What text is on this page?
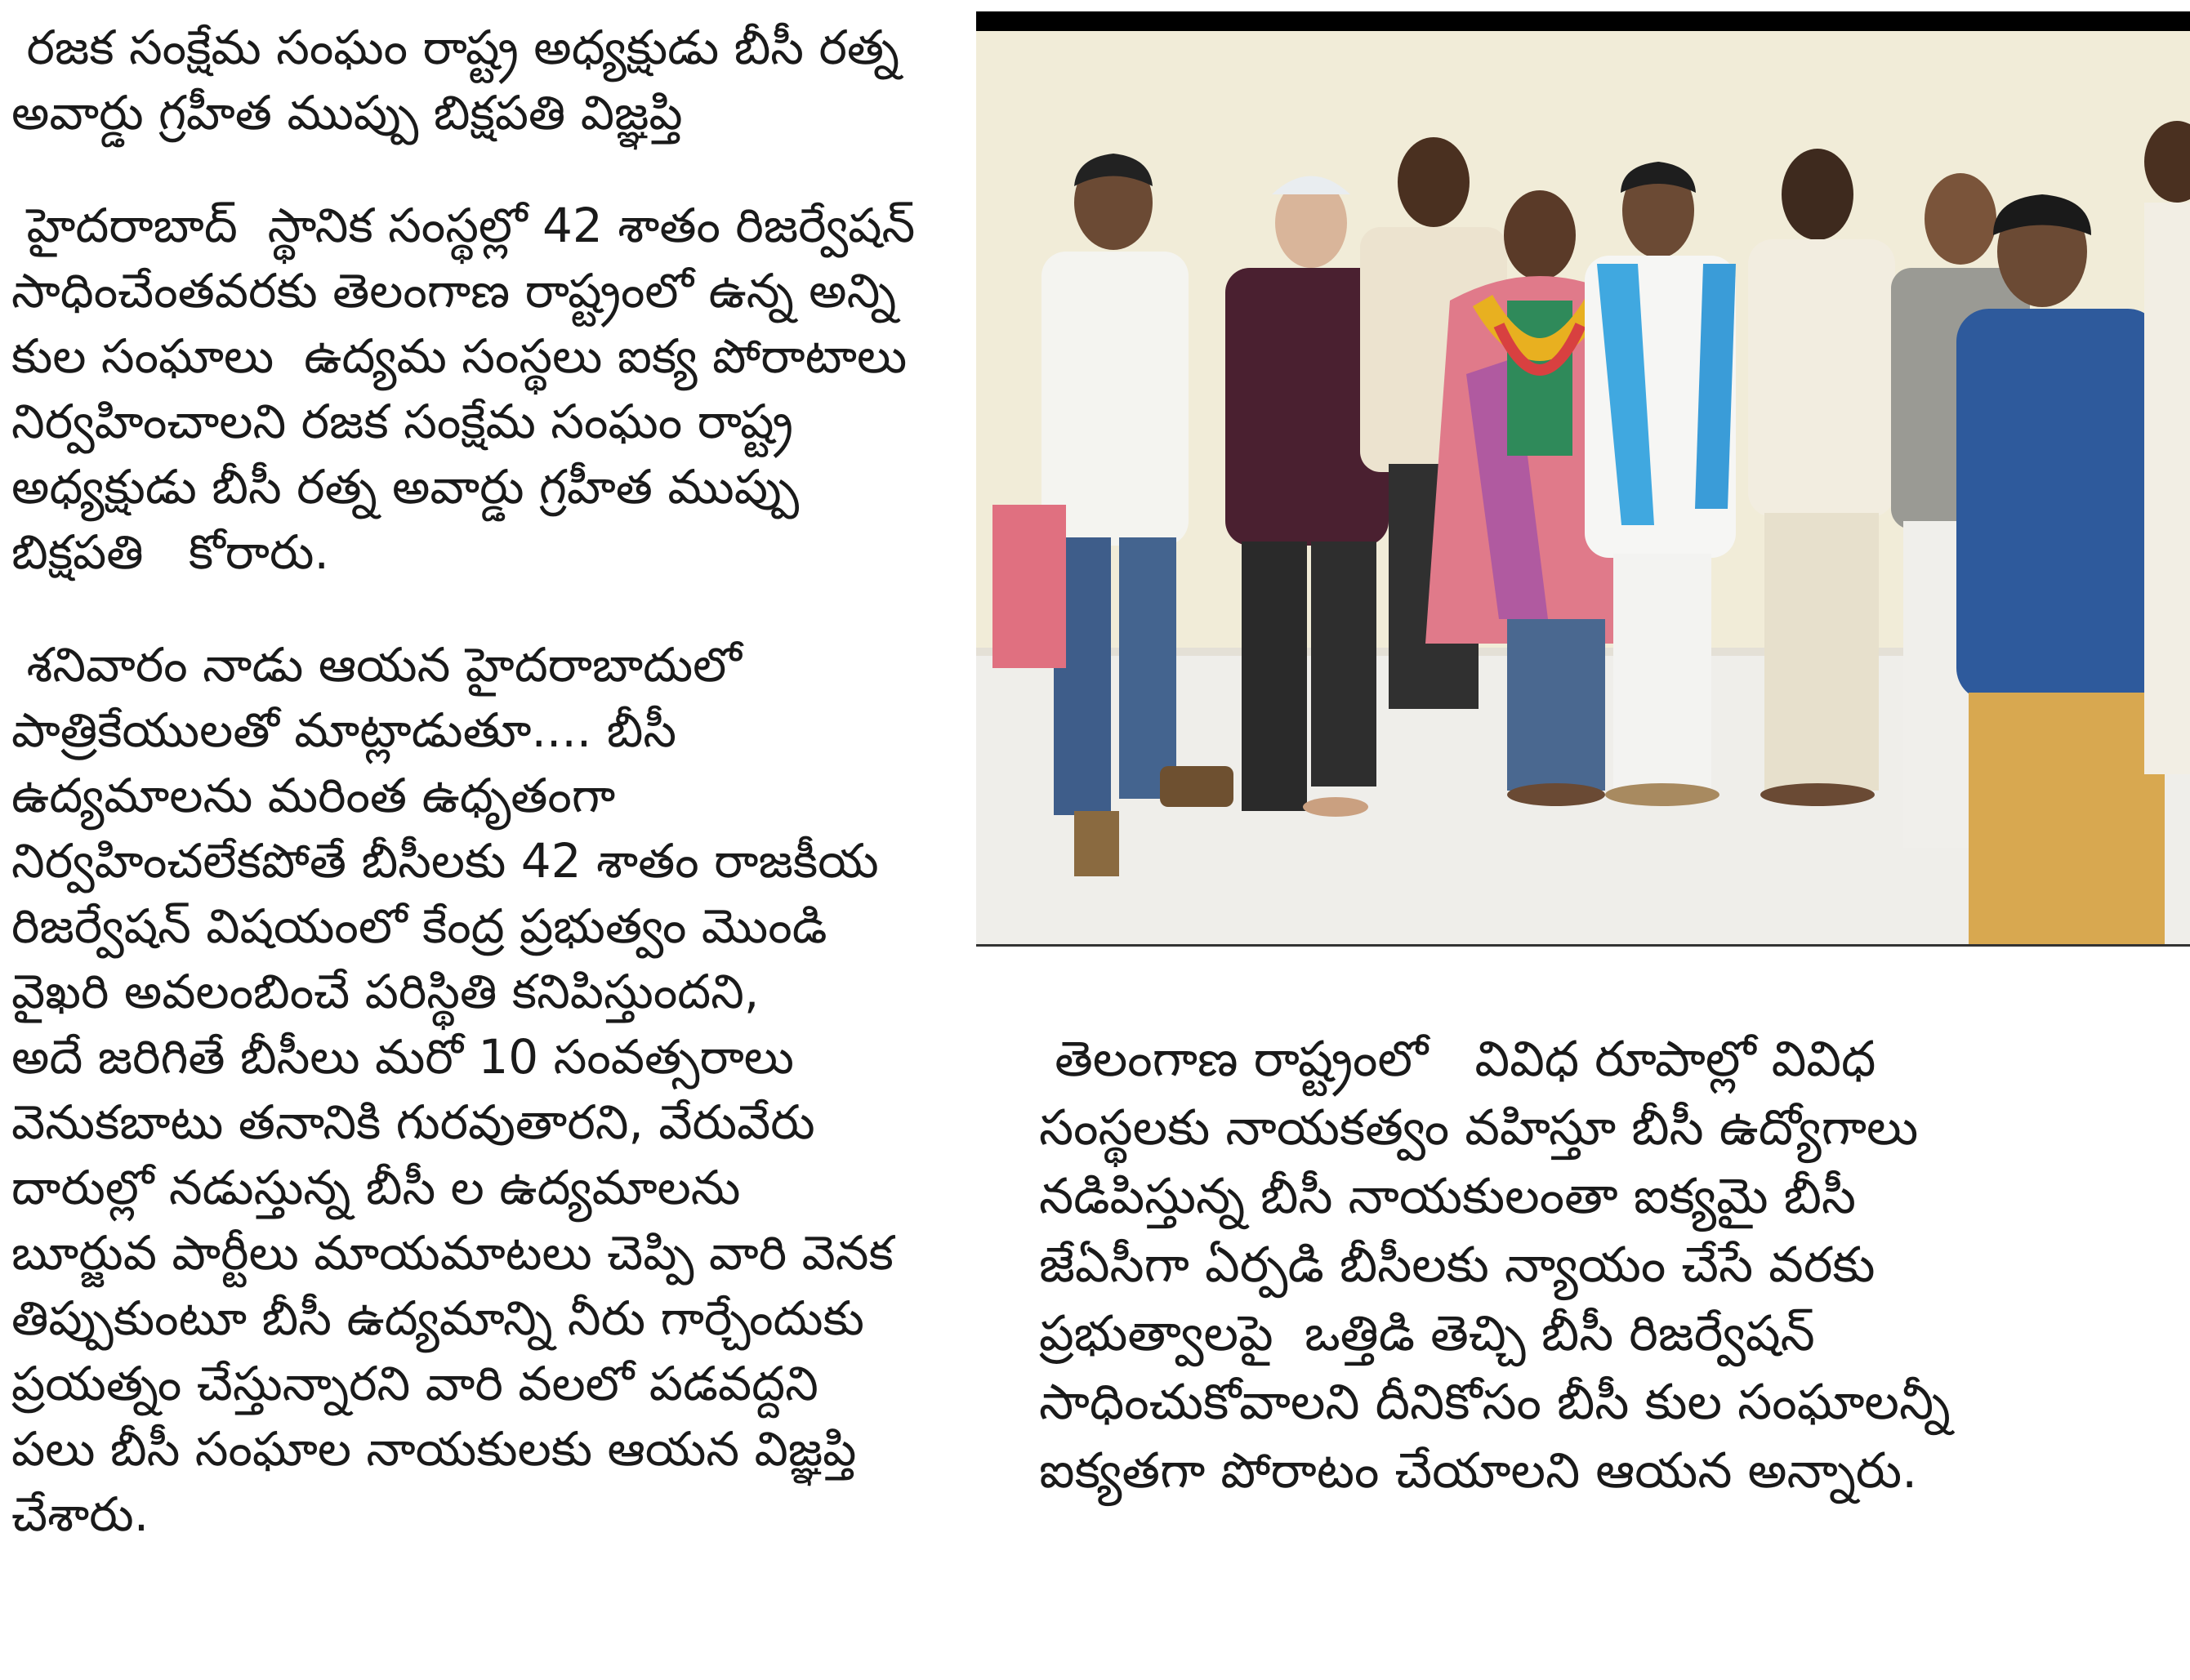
రజక సంక్షేమ సంఘం రాష్ట్ర అధ్యక్షుడు బీసీ రత్న

అవార్డు గ్రహీత ముప్పు బిక్షపతి విజ్ఞప్తి

హైదరాబాద్  స్థానిక సంస్థల్లో 42 శాతం రిజర్వేషన్

సాధించేంతవరకు తెలంగాణ రాష్ట్రంలో ఉన్న అన్ని

కుల సంఘాలు  ఉద్యమ సంస్థలు ఐక్య పోరాటాలు

నిర్వహించాలని రజక సంక్షేమ సంఘం రాష్ట్ర

అధ్యక్షుడు బీసీ రత్న అవార్డు గ్రహీత ముప్పు

బిక్షపతి   కోరారు.

శనివారం నాడు ఆయన హైదరాబాదులో

పాత్రికేయులతో మాట్లాడుతూ.... బీసీ

ఉద్యమాలను మరింత ఉధృతంగా

నిర్వహించలేకపోతే బీసీలకు 42 శాతం రాజకీయ

రిజర్వేషన్ విషయంలో కేంద్ర ప్రభుత్వం మొండి

వైఖరి అవలంబించే పరిస్థితి కనిపిస్తుందని,

అదే జరిగితే బీసీలు మరో 10 సంవత్సరాలు

వెనుకబాటు తనానికి గురవుతారని, వేరువేరు

దారుల్లో నడుస్తున్న బీసీ ల ఉద్యమాలను

బూర్జువ పార్టీలు మాయమాటలు చెప్పి వారి వెనక

తిప్పుకుంటూ బీసీ ఉద్యమాన్ని నీరు గార్చేందుకు

ప్రయత్నం చేస్తున్నారని వారి వలలో పడవద్దని

పలు బీసీ సంఘాల నాయకులకు ఆయన విజ్ఞప్తి

చేశారు.

తెలంగాణ రాష్ట్రంలో   వివిధ రూపాల్లో వివిధ

సంస్థలకు నాయకత్వం వహిస్తూ బీసీ ఉద్యోగాలు

నడిపిస్తున్న బీసీ నాయకులంతా ఐక్యమై బీసీ

జేఏసీగా ఏర్పడి బీసీలకు న్యాయం చేసే వరకు

ప్రభుత్వాలపై  ఒత్తిడి తెచ్చి బీసీ రిజర్వేషన్

సాధించుకోవాలని దీనికోసం బీసీ కుల సంఘాలన్నీ

ఐక్యతగా పోరాటం చేయాలని ఆయన అన్నారు.
